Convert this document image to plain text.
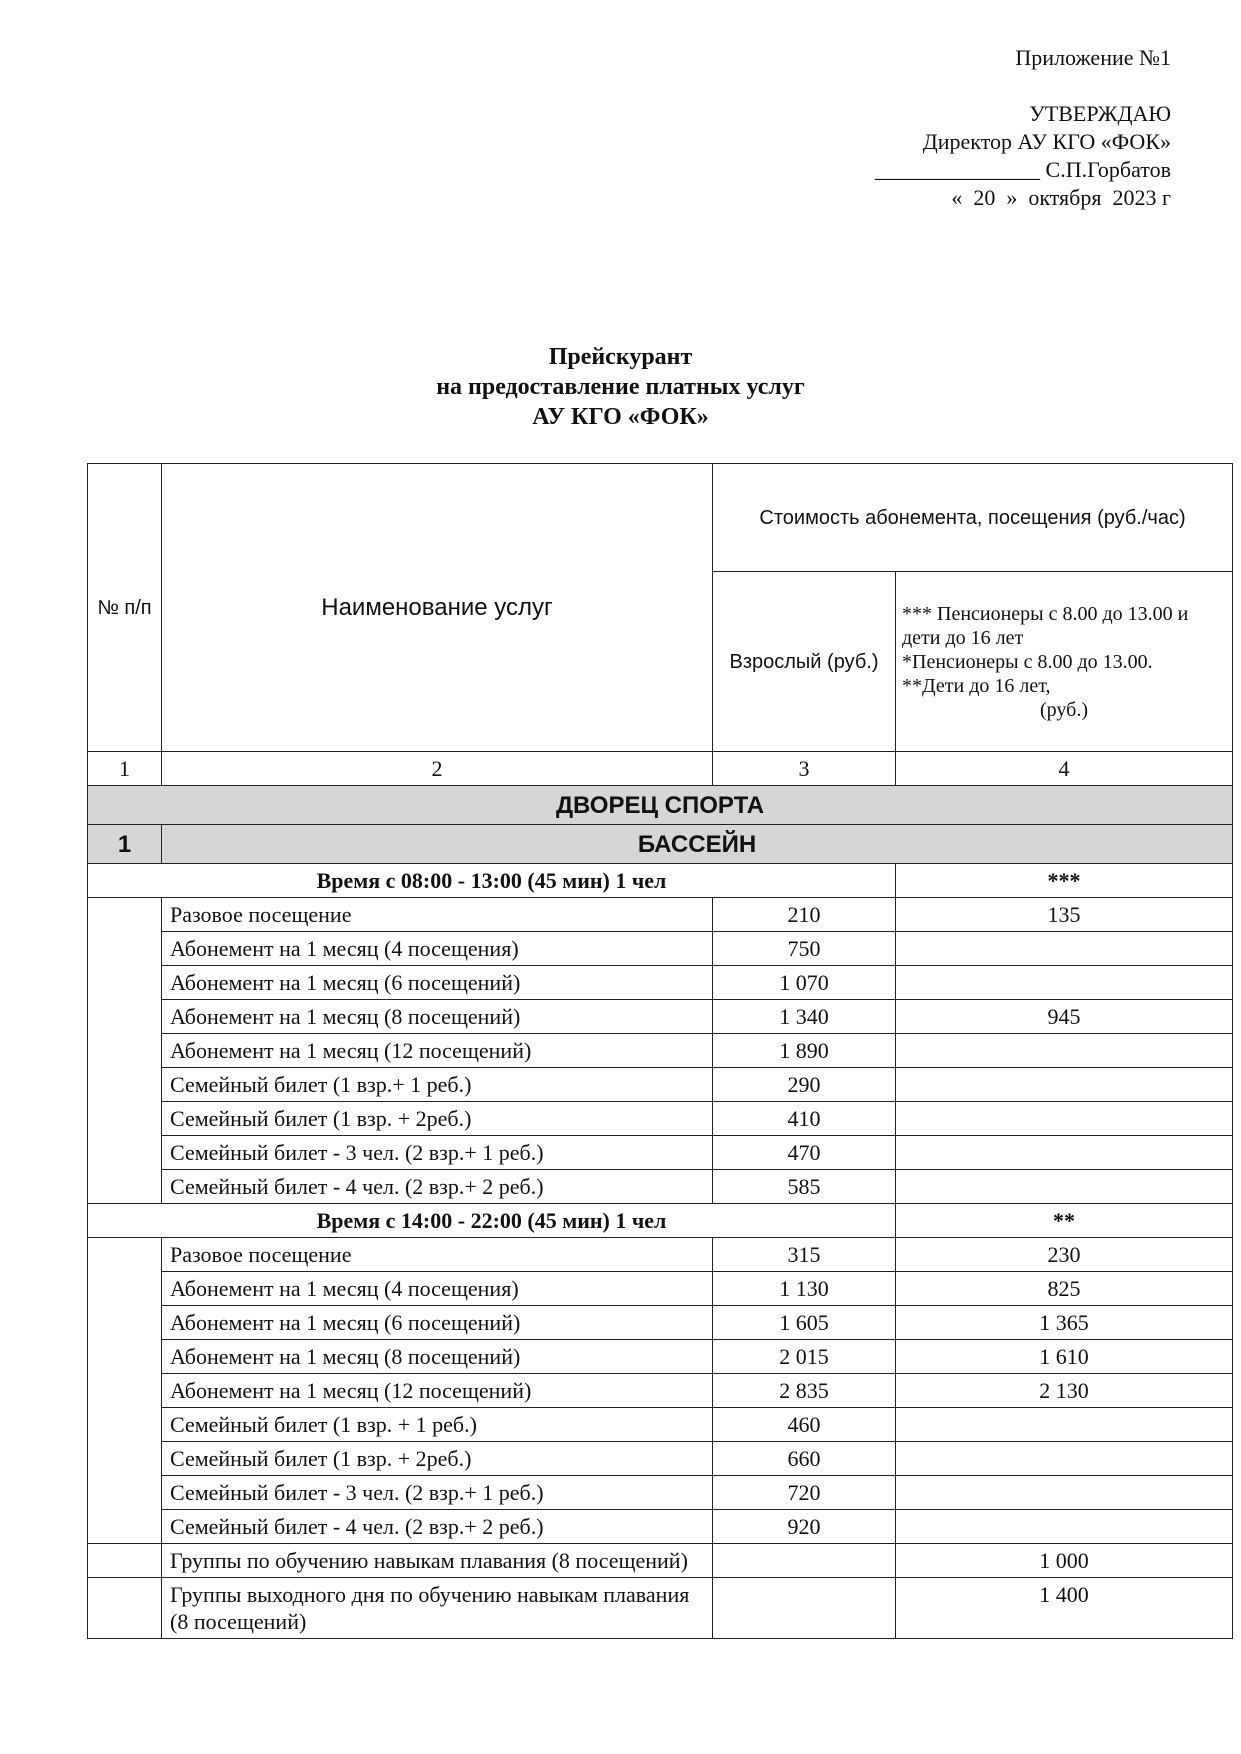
Приложение №1
УТВЕРЖДАЮ
Директор АУ КГО «ФОК»
_______________ С.П.Горбатов
«  20  »  октября  2023 г
Прейскурант
на предоставление платных услуг
АУ КГО «ФОК»
№ п/п	Наименование услуг	Стоимость абонемента, посещения (руб./час)	
		Взрослый (руб.)	*** Пенсионеры с 8.00 до 13.00 и дети до 16 лет
*Пенсионеры с 8.00 до 13.00.
**Дети до 16 лет,
(руб.)

1	2	3	4
ДВОРЕЦ СПОРТА			
1	БАССЕЙН		
Время с 08:00 - 13:00 (45 мин) 1 чел			***
	Разовое посещение	210	135
	Абонемент на 1 месяц (4 посещения)	750	
	Абонемент на 1 месяц (6 посещений)	1 070	
	Абонемент на 1 месяц (8 посещений)	1 340	945
	Абонемент на 1 месяц (12 посещений)	1 890	
	Семейный билет (1 взр.+ 1 реб.)	290	
	Семейный билет (1 взр. + 2реб.)	410	
	Семейный билет - 3 чел. (2 взр.+ 1 реб.)	470	
	Семейный билет - 4 чел. (2 взр.+ 2 реб.)	585	
Время с 14:00 - 22:00 (45 мин) 1 чел			**
	Разовое посещение	315	230
	Абонемент на 1 месяц (4 посещения)	1 130	825
	Абонемент на 1 месяц (6 посещений)	1 605	1 365
	Абонемент на 1 месяц (8 посещений)	2 015	1 610
	Абонемент на 1 месяц (12 посещений)	2 835	2 130
	Семейный билет (1 взр. + 1 реб.)	460	
	Семейный билет (1 взр. + 2реб.)	660	
	Семейный билет - 3 чел. (2 взр.+ 1 реб.)	720	
	Семейный билет - 4 чел. (2 взр.+ 2 реб.)	920	
	Группы по обучению навыкам плавания (8 посещений)		1 000
	Группы выходного дня по обучению навыкам плавания (8 посещений)		1 400
